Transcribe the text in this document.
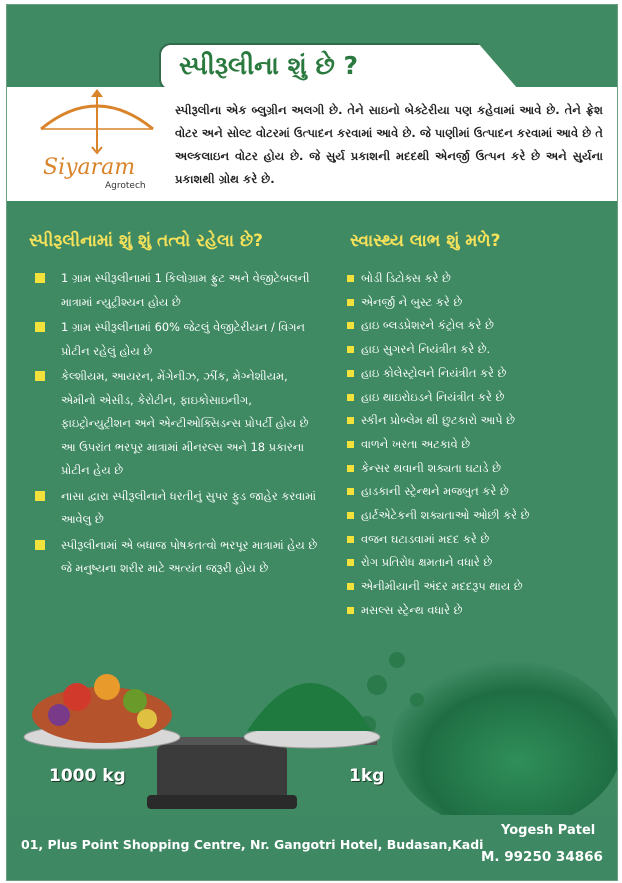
સ્પીરૂલીના શું છે ?
Siyaram
Agrotech
સ્પીરૂલીના એક બ્લુગ્રીન અલગી છે. તેને સાઇનો બેક્ટેરીયા પણ કહેવામાં આવે છે. તેને ફ્રેશ વોટર અને સોલ્ટ વોટરમાં ઉત્પાદન કરવામાં આવે છે. જે પાણીમાં ઉત્પાદન કરવામાં આવે છે તે અલ્કલાઇન વોટર હોય છે. જે સુર્ય પ્રકાશની મદદથી એનર્જી ઉત્પન કરે છે અને સુર્યના પ્રકાશથી ગ્રોથ કરે છે.
સ્પીરૂલીનામાં શું શું તત્વો રહેલા છે?	સ્વાસ્થ્ય લાભ શું મળે?
1 ગ્રામ સ્પીરૂલીનામાં 1 કિલોગ્રામ ફ્રુટ અને વેજીટેબલની માત્રામાં ન્યુટ્રીશ્યન હોય છે
1 ગ્રામ સ્પીરૂલીનામાં 60% જેટલું વેજીટેરીયન / વિગન પ્રોટીન રહેલું હોય છે
કેલ્શીયમ, આયરન, મેંગેનીઝ, ઝીંક, મેગ્નેશીયમ, એમીનો એસીડ, કેરોટીન, ફાઇકોસાઇનીગ, ફાઇટ્રોન્યુટ્રીશન અને એન્ટીઓક્સિડન્સ પ્રોપર્ટી હોય છે આ ઉપરાંત ભરપૂર માત્રામાં મીનરલ્સ અને 18 પ્રકારના પ્રોટીન હેય છે
નાસા દ્વારા સ્પીરૂલીનાને ધરતીનું સુપર ફુડ જાહેર કરવામાં આવેલુ છે
સ્પીરૂલીનામાં એ બધાજ પોષકતત્વો ભરપૂર માત્રામાં હેય છે જે મનુષ્યના શરીર માટે અત્યંત જરૂરી હોય છે
બોડી ડિટોક્સ કરે છે
એનર્જી ને બુસ્ટ કરે છે
હાઇ બ્લડપ્રેશરને કંટ્રોલ કરે છે
હાઇ સુગરને નિયંત્રીત કરે છે.
હાઇ કોલેસ્ટ્રોલને નિયંત્રીત કરે છે
હાઇ થાઇરોઇડને નિયંત્રીત કરે છે
સ્કીન પ્રોબ્લેમ થી છુટકારો આપે છે
વાળને ખરતા અટકાવે છે
કેન્સર થવાની શક્યતા ઘટાડે છે
હાડકાની સ્ટ્રેન્થને મજબુત કરે છે
હાર્ટએટેકની શક્યતાઓ ઓછી કરે છે
વજન ઘટાડવામાં મદદ કરે છે
રોગ પ્રતિરોધ ક્ષમતાને વધારે છે
એનીમીયાની અંદર મદદરૂપ થાય છે
મસલ્સ સ્ટ્રેન્થ વધારે છે
1000 kg	1kg
01, Plus Point Shopping Centre, Nr. Gangotri Hotel, Budasan,Kadi
Yogesh Patel
M. 99250 34866
